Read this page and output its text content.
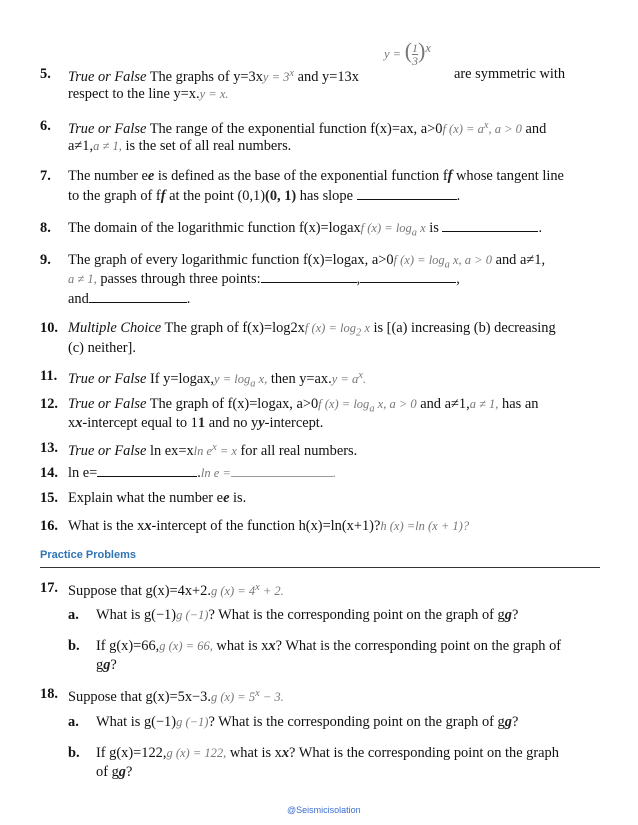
5. True or False The graphs of $y=3xy = 3^x$ and y=13x
y = ( $\frac{1}{3} )^x$
are symmetric with
respect to the line y=x.y = x.
6. True or False The range of the exponential function f(x)=ax, a>0f $(x) = a^x$, a > 0 and
a≠1,a ≠ 1, is the set of all real numbers.
7. The number ee is defined as the base of the exponential function ff whose tangent line
to the graph of ff at the point (0,1)(0, 1) has slope	.
8. The domain of the logarithmic function f(x)=logaxf $(x) = \log_a x$ is	.
9. The graph of every logarithmic function f(x)=logax, a>0f $(x) = \log_a x$, a > 0 and a≠1,
a ≠ 1, passes through three points:	,	,
and	.
10. Multiple Choice The graph of f(x)=log2xf $(x) = \log_2 x$ is [(a) increasing (b) decreasing
(c) neither].
11. True or False If y=logax,y = $\log_a x$, then $y=ax.y = a^x$.
12. True or False The graph of f(x)=logax, a>0f $(x) = \log_a x$, a > 0 and a≠1,a ≠ 1, has an
xx-intercept equal to 11 and no yy-intercept.
13. True or False ln ex=xln $e^x = x$ for all real numbers.
14. ln e=	.ln e =	.
15. Explain what the number ee is.
16. What is the xx-intercept of the function h(x)=ln(x+1)?h (x) =ln (x + 1)?
Practice Problems
17. Suppose that g(x)=4x+2.g $(x) = 4^x + 2$.
a. What is g(−1)g (−1)? What is the corresponding point on the graph of gg?
b. If g(x)=66,g (x) = 66, what is xx? What is the corresponding point on the graph of
gg?
18. Suppose that g(x)=5x−3.g $(x) = 5^x - 3$.
a. What is g(−1)g (−1)? What is the corresponding point on the graph of gg?
b. If g(x)=122,g (x) = 122, what is xx? What is the corresponding point on the graph
of gg?
@Seismicisolation
